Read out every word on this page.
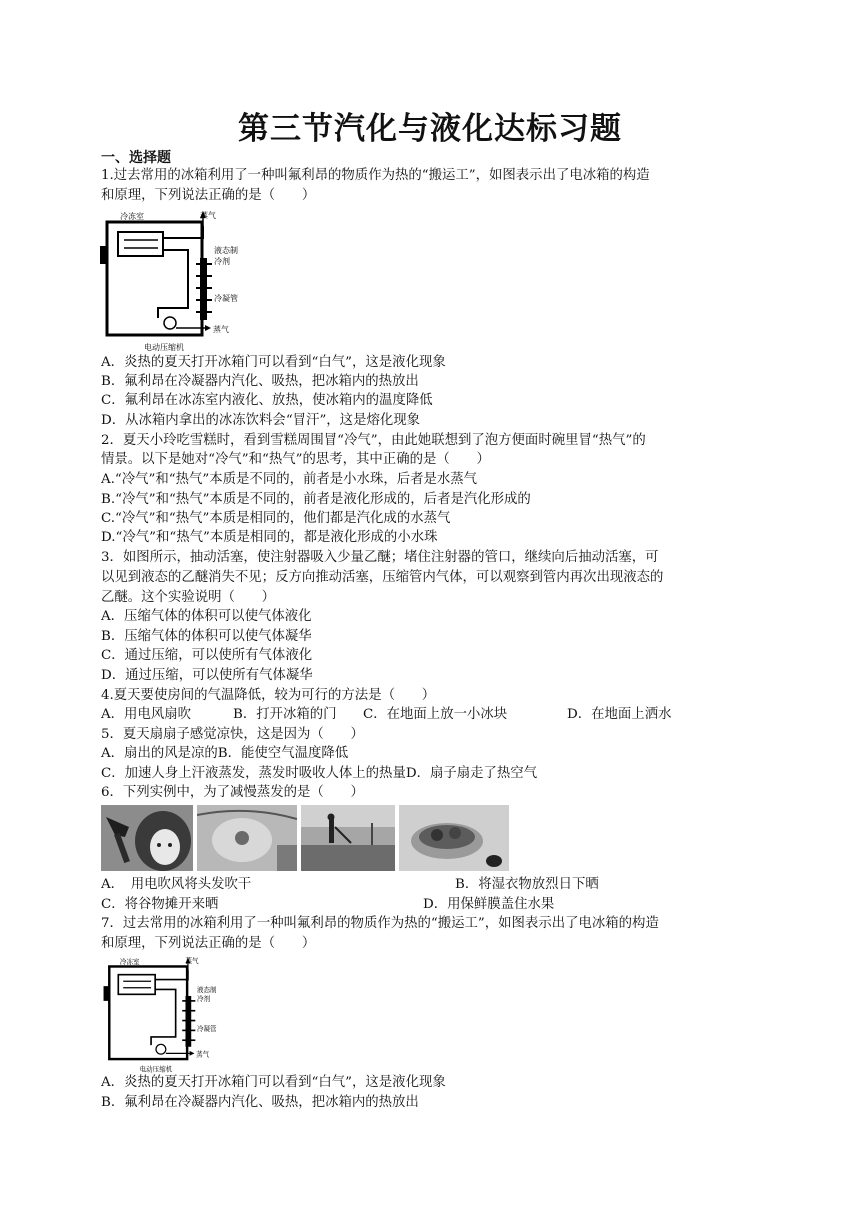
第三节汽化与液化达标习题
一、选择题
1.过去常用的冰箱利用了一种叫氟利昂的物质作为热的“搬运工”，如图表示出了电冰箱的构造
和原理，下列说法正确的是（　　）
冷冻室	蒸气
液态制
冷剂
冷凝管
蒸气
电动压缩机
A．炎热的夏天打开冰箱门可以看到“白气”，这是液化现象
B．氟利昂在冷凝器内汽化、吸热，把冰箱内的热放出
C．氟利昂在冰冻室内液化、放热，使冰箱内的温度降低
D．从冰箱内拿出的冰冻饮料会“冒汗”，这是熔化现象
2．夏天小玲吃雪糕时，看到雪糕周围冒“冷气”，由此她联想到了泡方便面时碗里冒“热气”的
情景。以下是她对“冷气”和“热气”的思考，其中正确的是（　　）
A.“冷气”和“热气”本质是不同的，前者是小水珠，后者是水蒸气
B.“冷气”和“热气”本质是不同的，前者是液化形成的，后者是汽化形成的
C.“冷气”和“热气”本质是相同的，他们都是汽化成的水蒸气
D.“冷气”和“热气”本质是相同的，都是液化形成的小水珠
3．如图所示，抽动活塞，使注射器吸入少量乙醚；堵住注射器的管口，继续向后抽动活塞，可
以见到液态的乙醚消失不见；反方向推动活塞，压缩管内气体，可以观察到管内再次出现液态的
乙醚。这个实验说明（　　）
A．压缩气体的体积可以使气体液化
B．压缩气体的体积可以使气体凝华
C．通过压缩，可以使所有气体液化
D．通过压缩，可以使所有气体凝华
4.夏天要使房间的气温降低，较为可行的方法是（　　）
A．用电风扇吹	B．打开冰箱的门 C．在地面上放一小冰块	D．在地面上洒水
5．夏天扇扇子感觉凉快，这是因为（　　）
A．扇出的风是凉的B．能使空气温度降低
C．加速人身上汗液蒸发，蒸发时吸收人体上的热量D．扇子扇走了热空气
6．下列实例中，为了减慢蒸发的是（　　）
A．　用电吹风将头发吹干	B．将湿衣物放烈日下晒
C．将谷物摊开来晒	D．用保鲜膜盖住水果
7．过去常用的冰箱利用了一种叫氟利昂的物质作为热的“搬运工”，如图表示出了电冰箱的构造
和原理，下列说法正确的是（　　）
冷冻室	蒸气
液态制
冷剂
冷凝管
蒸气
电动压缩机
A．炎热的夏天打开冰箱门可以看到“白气”，这是液化现象
B．氟利昂在冷凝器内汽化、吸热，把冰箱内的热放出
